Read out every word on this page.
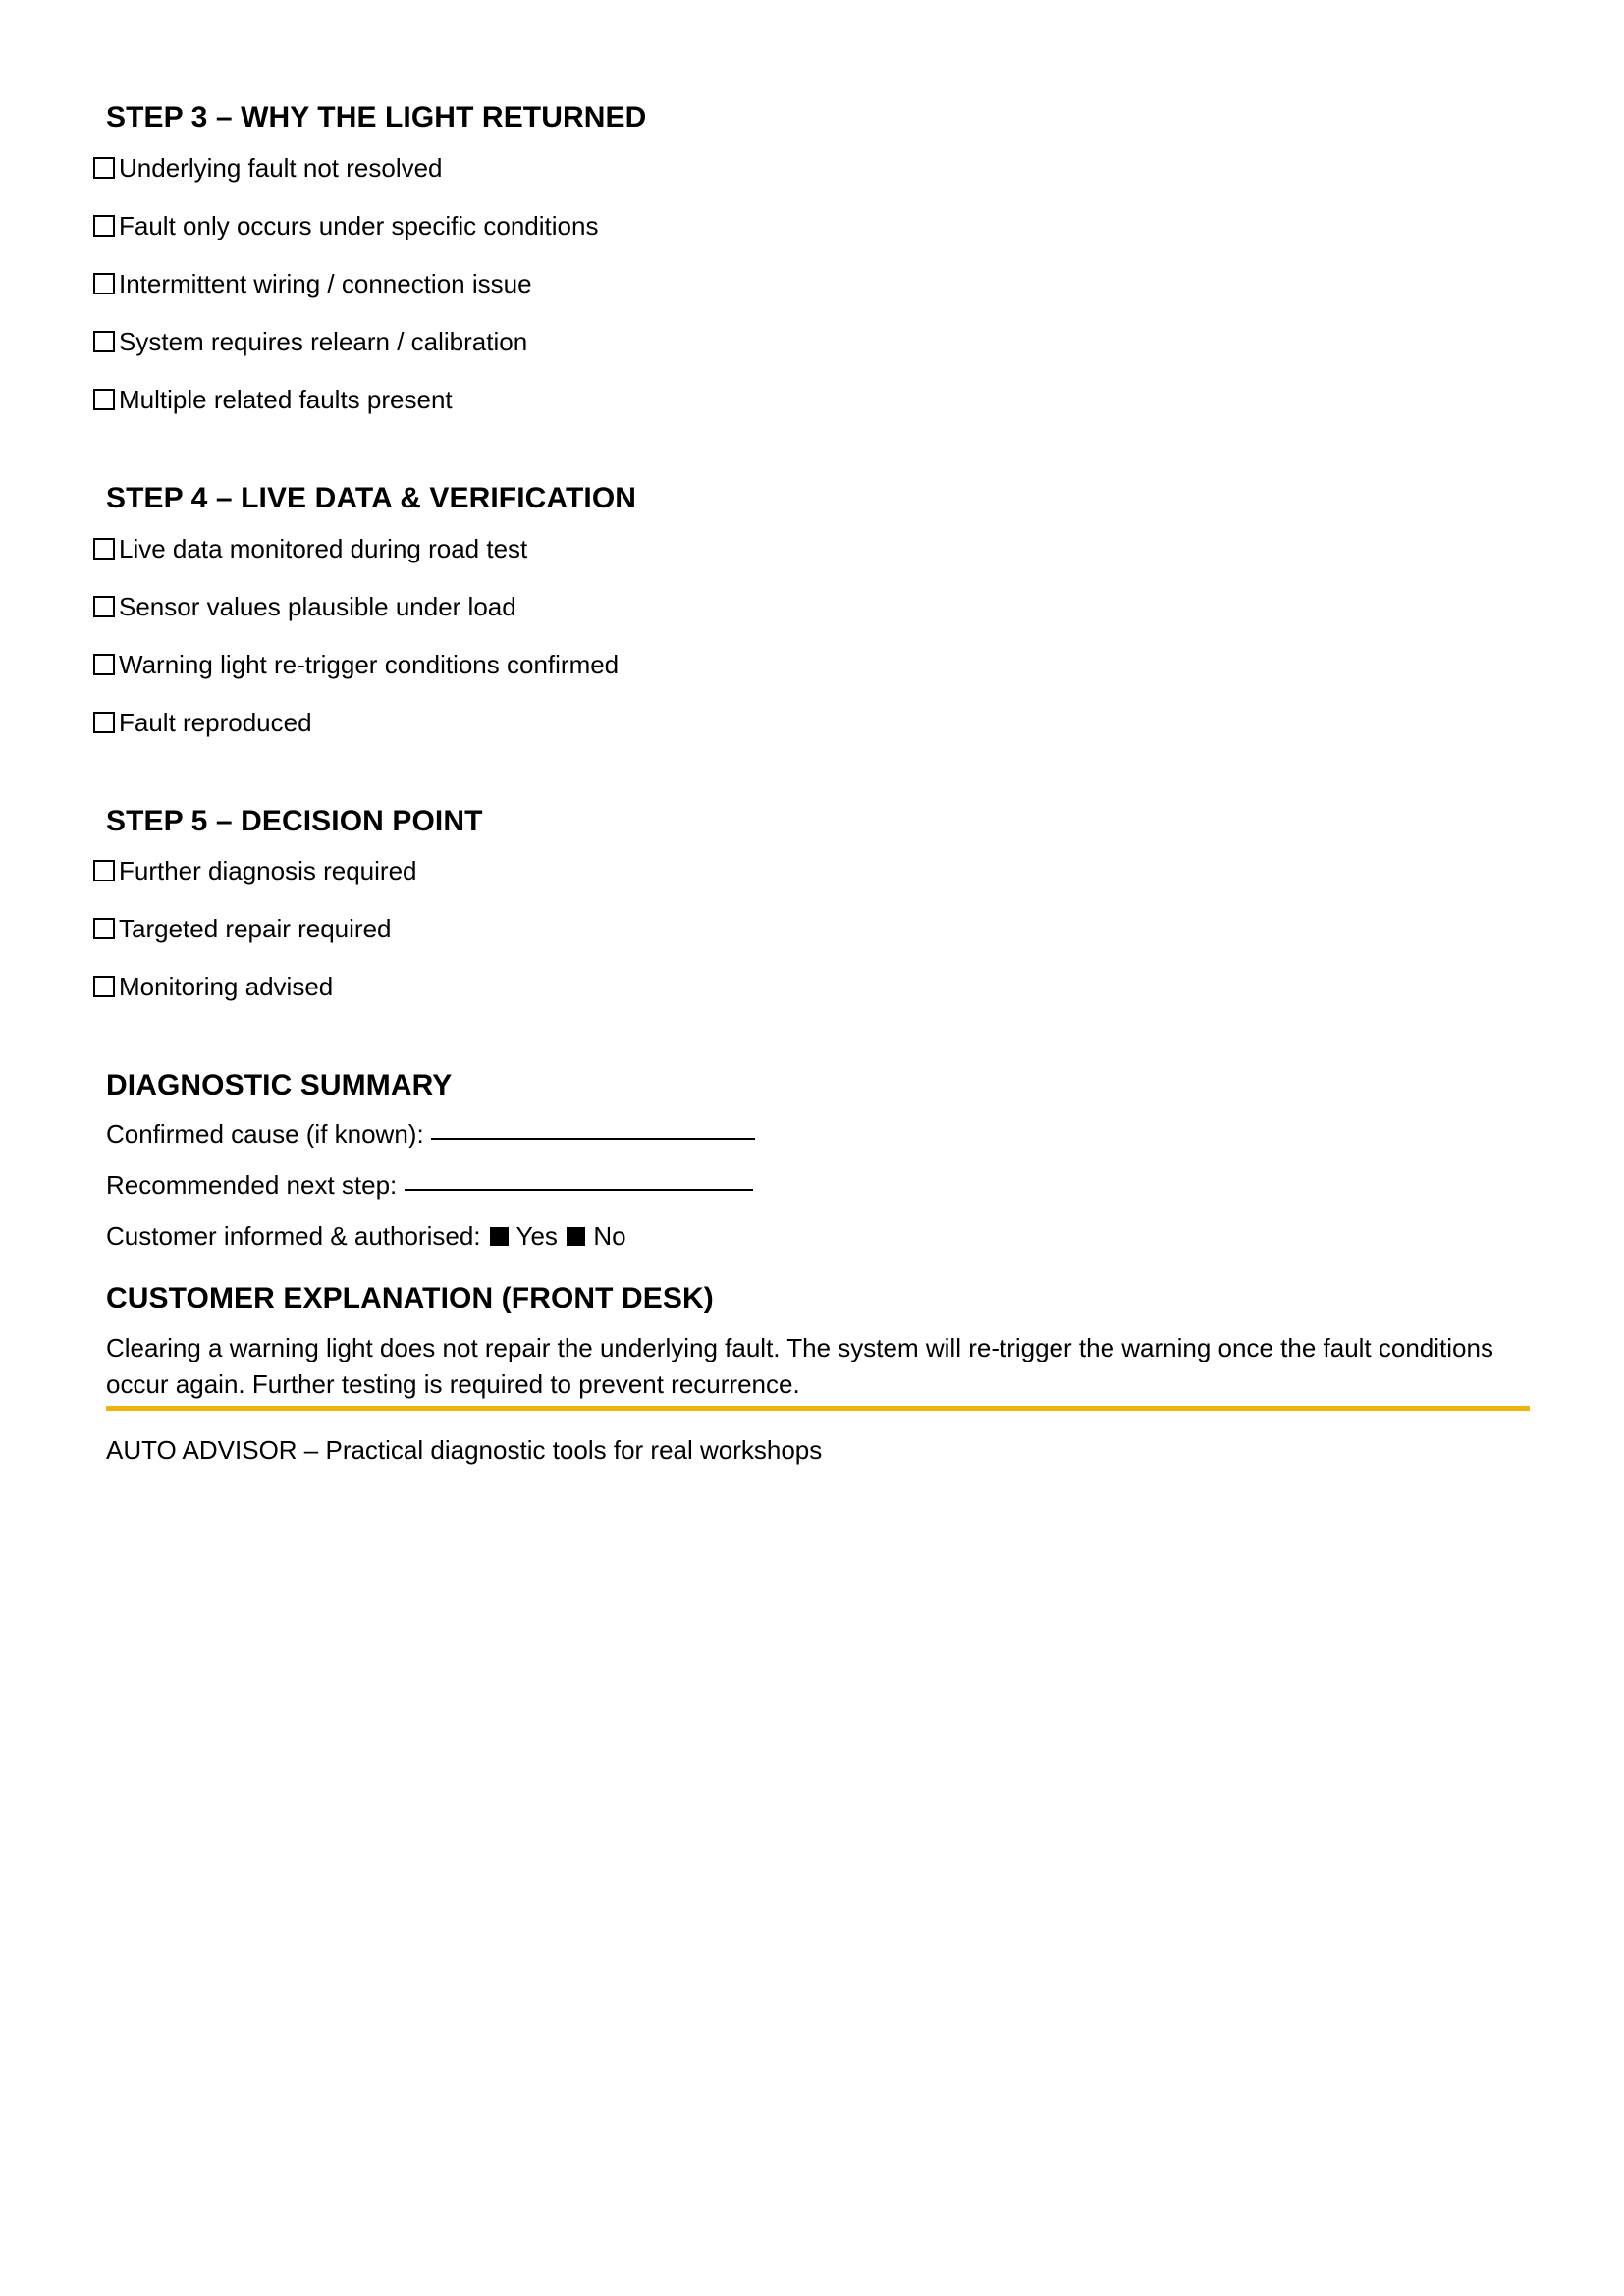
STEP 3 – WHY THE LIGHT RETURNED
Underlying fault not resolved
Fault only occurs under specific conditions
Intermittent wiring / connection issue
System requires relearn / calibration
Multiple related faults present
STEP 4 – LIVE DATA & VERIFICATION
Live data monitored during road test
Sensor values plausible under load
Warning light re-trigger conditions confirmed
Fault reproduced
STEP 5 – DECISION POINT
Further diagnosis required
Targeted repair required
Monitoring advised
DIAGNOSTIC SUMMARY
Confirmed cause (if known):
Recommended next step:
Customer informed & authorised: Yes No
CUSTOMER EXPLANATION (FRONT DESK)

Clearing a warning light does not repair the underlying fault. The system will re-trigger the warning once the fault conditions occur again. Further testing is required to prevent recurrence.

AUTO ADVISOR – Practical diagnostic tools for real workshops
